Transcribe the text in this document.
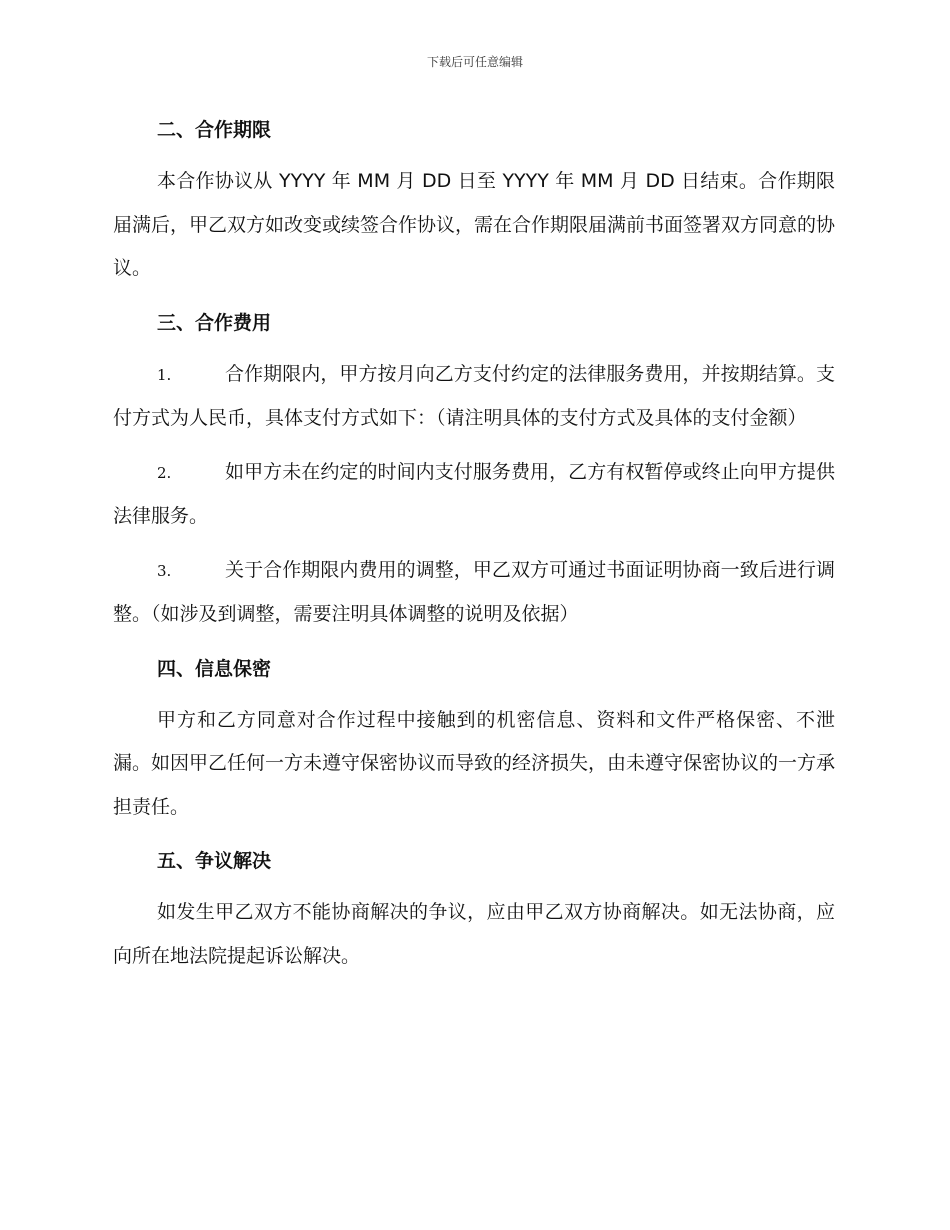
下载后可任意编辑
二、合作期限

本合作协议从 YYYY 年 MM 月 DD 日至 YYYY 年 MM 月 DD 日结束。合作期限届满后，甲乙双方如改变或续签合作协议，需在合作期限届满前书面签署双方同意的协议。

三、合作费用

1.	合作期限内，甲方按月向乙方支付约定的法律服务费用，并按期结算。支付方式为人民币，具体支付方式如下：（请注明具体的支付方式及具体的支付金额）

2.	如甲方未在约定的时间内支付服务费用，乙方有权暂停或终止向甲方提供法律服务。

3.	关于合作期限内费用的调整，甲乙双方可通过书面证明协商一致后进行调整。（如涉及到调整，需要注明具体调整的说明及依据）

四、信息保密

甲方和乙方同意对合作过程中接触到的机密信息、资料和文件严格保密、不泄漏。如因甲乙任何一方未遵守保密协议而导致的经济损失，由未遵守保密协议的一方承担责任。

五、争议解决

如发生甲乙双方不能协商解决的争议，应由甲乙双方协商解决。如无法协商，应向所在地法院提起诉讼解决。
